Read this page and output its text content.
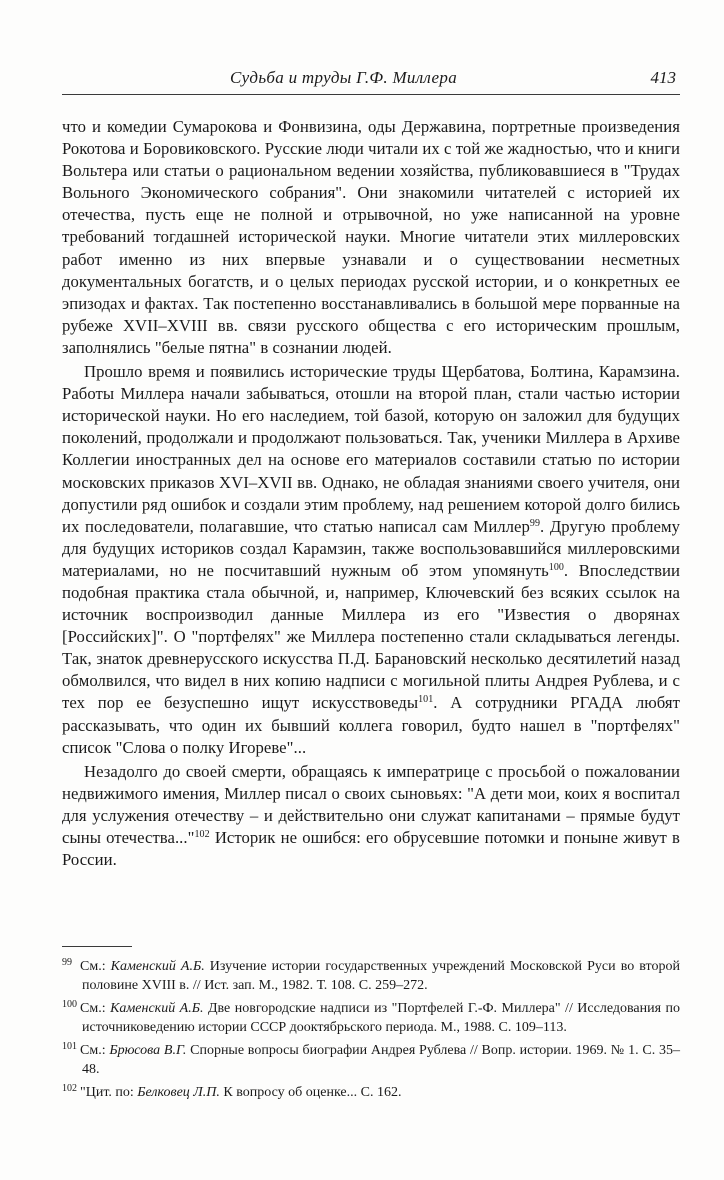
Судьба и труды Г.Ф. Миллера	413

что и комедии Сумарокова и Фонвизина, оды Державина, портретные произведения Рокотова и Боровиковского. Русские люди читали их с той же жадностью, что и книги Вольтера или статьи о рациональном ведении хозяйства, публиковавшиеся в "Трудах Вольного Экономического собрания". Они знакомили читателей с историей их отечества, пусть еще не полной и отрывочной, но уже написанной на уровне требований тогдашней исторической науки. Многие читатели этих миллеровских работ именно из них впервые узнавали и о существовании несметных документальных богатств, и о целых периодах русской истории, и о конкретных ее эпизодах и фактах. Так постепенно восстанавливались в большой мере порванные на рубеже XVII–XVIII вв. связи русского общества с его историческим прошлым, заполнялись "белые пятна" в сознании людей.

Прошло время и появились исторические труды Щербатова, Болтина, Карамзина. Работы Миллера начали забываться, отошли на второй план, стали частью истории исторической науки. Но его наследием, той базой, которую он заложил для будущих поколений, продолжали и продолжают пользоваться. Так, ученики Миллера в Архиве Коллегии иностранных дел на основе его материалов составили статью по истории московских приказов XVI–XVII вв. Однако, не обладая знаниями своего учителя, они допустили ряд ошибок и создали этим проблему, над решением которой долго бились их последователи, полагавшие, что статью написал сам Миллер$^{99}$. Другую проблему для будущих историков создал Карамзин, также воспользовавшийся миллеровскими материалами, но не посчитавший нужным об этом упомянуть$^{100}$. Впоследствии подобная практика стала обычной, и, например, Ключевский без всяких ссылок на источник воспроизводил данные Миллера из его "Известия о дворянах [Российских]". О "портфелях" же Миллера постепенно стали складываться легенды. Так, знаток древнерусского искусства П.Д. Барановский несколько десятилетий назад обмолвился, что видел в них копию надписи с могильной плиты Андрея Рублева, и с тех пор ее безуспешно ищут искусствоведы$^{101}$. А сотрудники РГАДА любят рассказывать, что один их бывший коллега говорил, будто нашел в "портфелях" список "Слова о полку Игореве"...

Незадолго до своей смерти, обращаясь к императрице с просьбой о пожаловании недвижимого имения, Миллер писал о своих сыновьях: "А дети мои, коих я воспитал для услужения отечеству – и действительно они служат капитанами – прямые будут сыны отечества..."$^{102}$ Историк не ошибся: его обрусевшие потомки и поныне живут в России.

99 См.: Каменский А.Б. Изучение истории государственных учреждений Московской Руси во второй половине XVIII в. // Ист. зап. М., 1982. Т. 108. С. 259–272.

100 См.: Каменский А.Б. Две новгородские надписи из "Портфелей Г.-Ф. Миллера" // Исследования по источниковедению истории СССР дооктябрьского периода. М., 1988. С. 109–113.

101 См.: Брюсова В.Г. Спорные вопросы биографии Андрея Рублева // Вопр. истории. 1969. № 1. С. 35–48.

102 "Цит. по: Белковец Л.П. К вопросу об оценке... С. 162.
